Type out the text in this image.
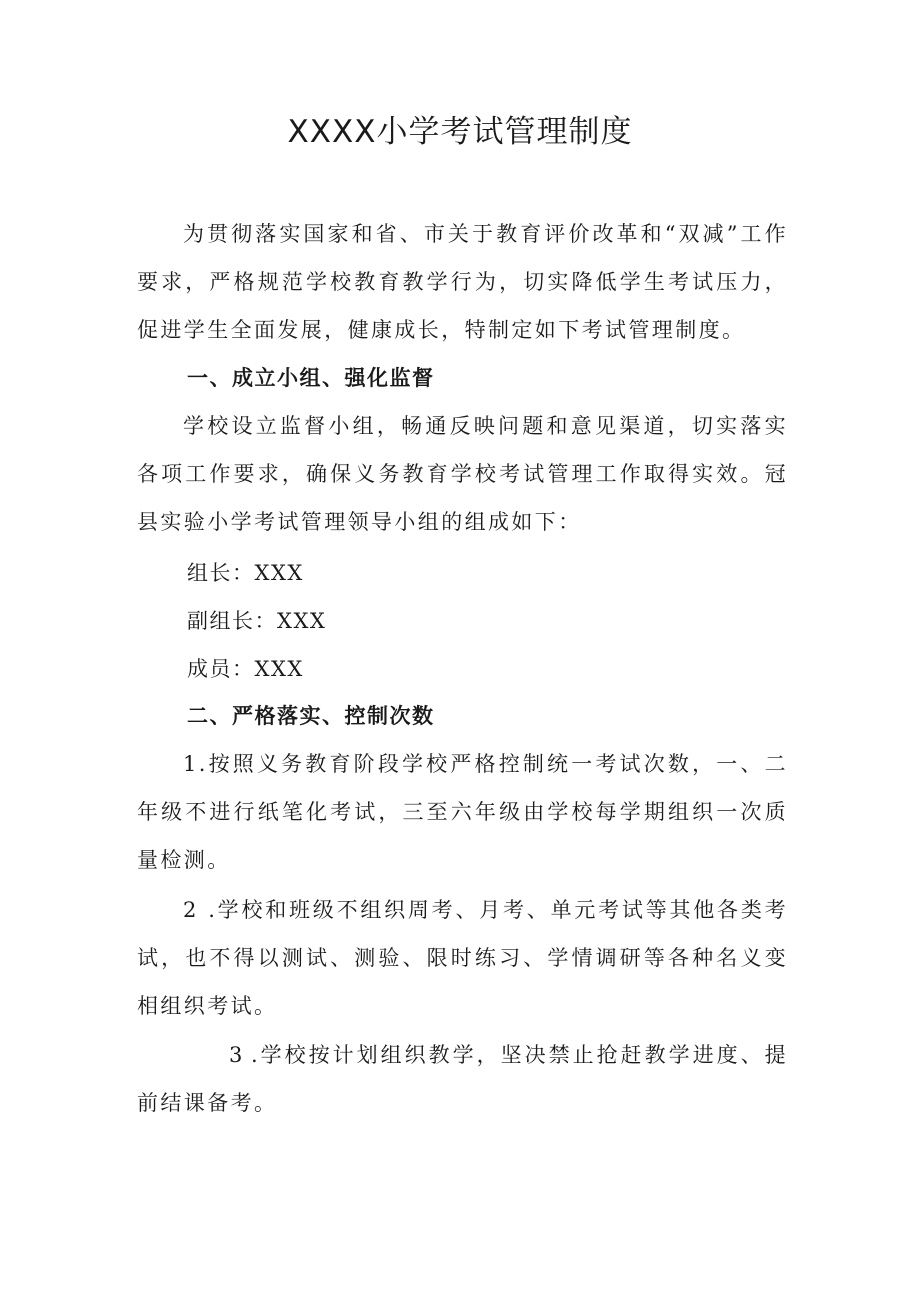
XXXX小学考试管理制度

为贯彻落实国家和省、市关于教育评价改革和“双减”工作要求，严格规范学校教育教学行为，切实降低学生考试压力，促进学生全面发展，健康成长，特制定如下考试管理制度。

一、成立小组、强化监督

学校设立监督小组，畅通反映问题和意见渠道，切实落实各项工作要求，确保义务教育学校考试管理工作取得实效。冠县实验小学考试管理领导小组的组成如下：

组长：XXX

副组长：XXX

成员：XXX

二、严格落实、控制次数

1.按照义务教育阶段学校严格控制统一考试次数，一、二年级不进行纸笔化考试，三至六年级由学校每学期组织一次质量检测。

2 .学校和班级不组织周考、月考、单元考试等其他各类考试，也不得以测试、测验、限时练习、学情调研等各种名义变相组织考试。

3 .学校按计划组织教学，坚决禁止抢赶教学进度、提前结课备考。
